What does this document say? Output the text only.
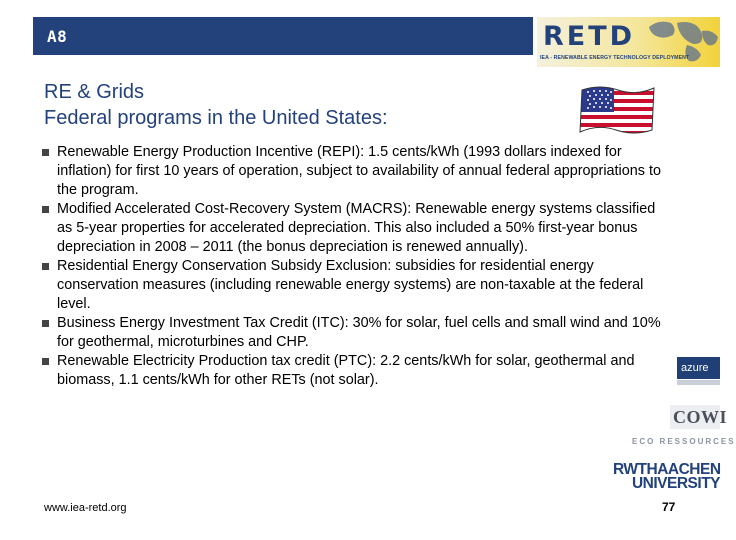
A8	RETD
IEA - RENEWABLE ENERGY TECHNOLOGY DEPLOYMENT
RE & Grids
Federal programs in the United States:
Renewable Energy Production Incentive (REPI): 1.5 cents/kWh (1993 dollars indexed for inflation) for first 10 years of operation, subject to availability of annual federal appropriations to the program.
Modified Accelerated Cost-Recovery System (MACRS): Renewable energy systems classified as 5-year properties for accelerated depreciation. This also included a 50% first-year bonus depreciation in 2008 – 2011 (the bonus depreciation is renewed annually).
Residential Energy Conservation Subsidy Exclusion: subsidies for residential energy conservation measures (including renewable energy systems) are non-taxable at the federal level.
Business Energy Investment Tax Credit (ITC): 30% for solar, fuel cells and small wind and 10% for geothermal, microturbines and CHP.
Renewable Electricity Production tax credit (PTC): 2.2 cents/kWh for solar, geothermal and biomass, 1.1 cents/kWh for other RETs (not solar).
azure
COWI
ECO RESSOURCES
RWTHAACHEN
UNIVERSITY
www.iea-retd.org	77
